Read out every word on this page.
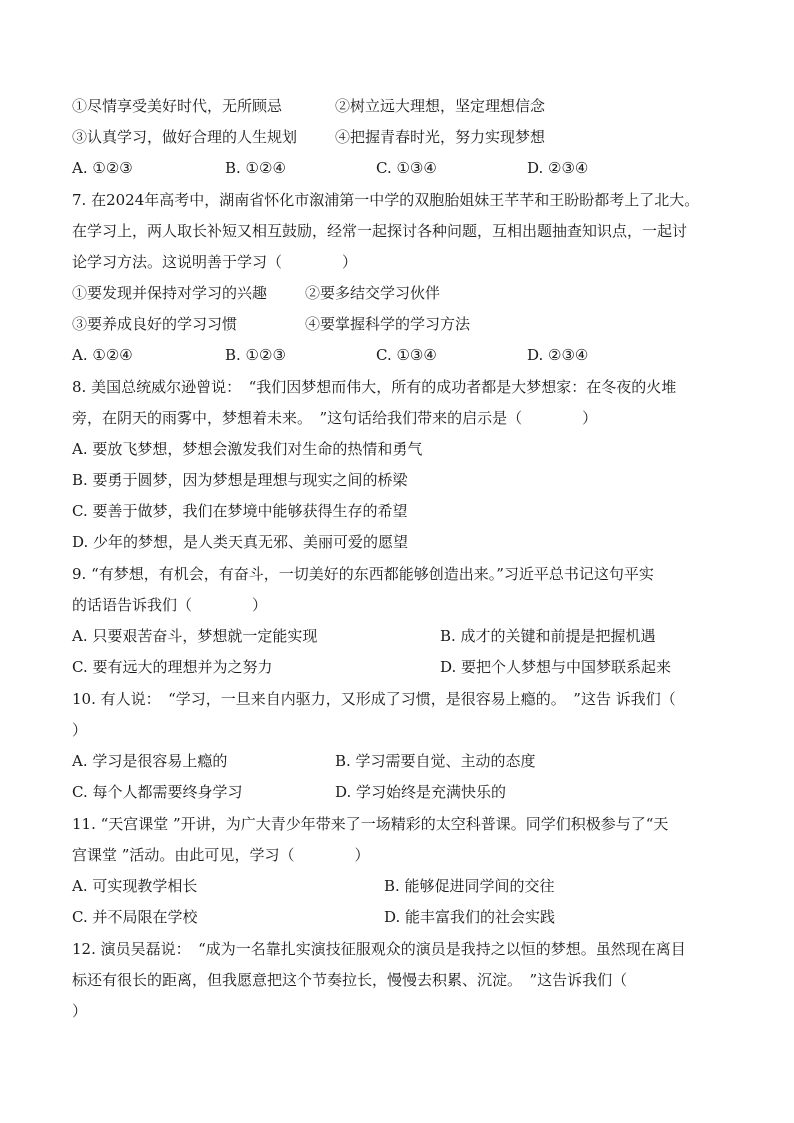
①尽情享受美好时代，无所顾忌	②树立远大理想，坚定理想信念
③认真学习，做好合理的人生规划	④把握青春时光，努力实现梦想
A. ①②③	B. ①②④	C. ①③④	D. ②③④
7. 在2024年高考中，湖南省怀化市溆浦第一中学的双胞胎姐妹王芊芊和王盼盼都考上了北大。
在学习上，两人取长补短又相互鼓励，经常一起探讨各种问题，互相出题抽查知识点，一起讨
论学习方法。这说明善于学习（　　　　）
①要发现并保持对学习的兴趣	②要多结交学习伙伴
③要养成良好的学习习惯	④要掌握科学的学习方法
A. ①②④	B. ①②③	C. ①③④	D. ②③④
8. 美国总统威尔逊曾说：　“我们因梦想而伟大，所有的成功者都是大梦想家：在冬夜的火堆
旁，在阴天的雨雾中，梦想着未来。　”这句话给我们带来的启示是（　　　　）
A. 要放飞梦想，梦想会激发我们对生命的热情和勇气
B. 要勇于圆梦，因为梦想是理想与现实之间的桥梁
C. 要善于做梦，我们在梦境中能够获得生存的希望
D. 少年的梦想，是人类天真无邪、美丽可爱的愿望
9. “有梦想，有机会，有奋斗，一切美好的东西都能够创造出来。”习近平总书记这句平实
的话语告诉我们（　　　　）
A. 只要艰苦奋斗，梦想就一定能实现	B. 成才的关键和前提是把握机遇
C. 要有远大的理想并为之努力	D. 要把个人梦想与中国梦联系起来
10. 有人说：　“学习，一旦来自内驱力，又形成了习惯，是很容易上瘾的。　”这告 诉我们（
）
A. 学习是很容易上瘾的	B. 学习需要自觉、主动的态度
C. 每个人都需要终身学习	D. 学习始终是充满快乐的
11. “天宫课堂 ”开讲，为广大青少年带来了一场精彩的太空科普课。同学们积极参与了“天
宫课堂 ”活动。由此可见，学习（　　　　）
A. 可实现教学相长	B. 能够促进同学间的交往
C. 并不局限在学校	D. 能丰富我们的社会实践
12. 演员吴磊说：　“成为一名靠扎实演技征服观众的演员是我持之以恒的梦想。虽然现在离目
标还有很长的距离，但我愿意把这个节奏拉长，慢慢去积累、沉淀。　”这告诉我们（
）
